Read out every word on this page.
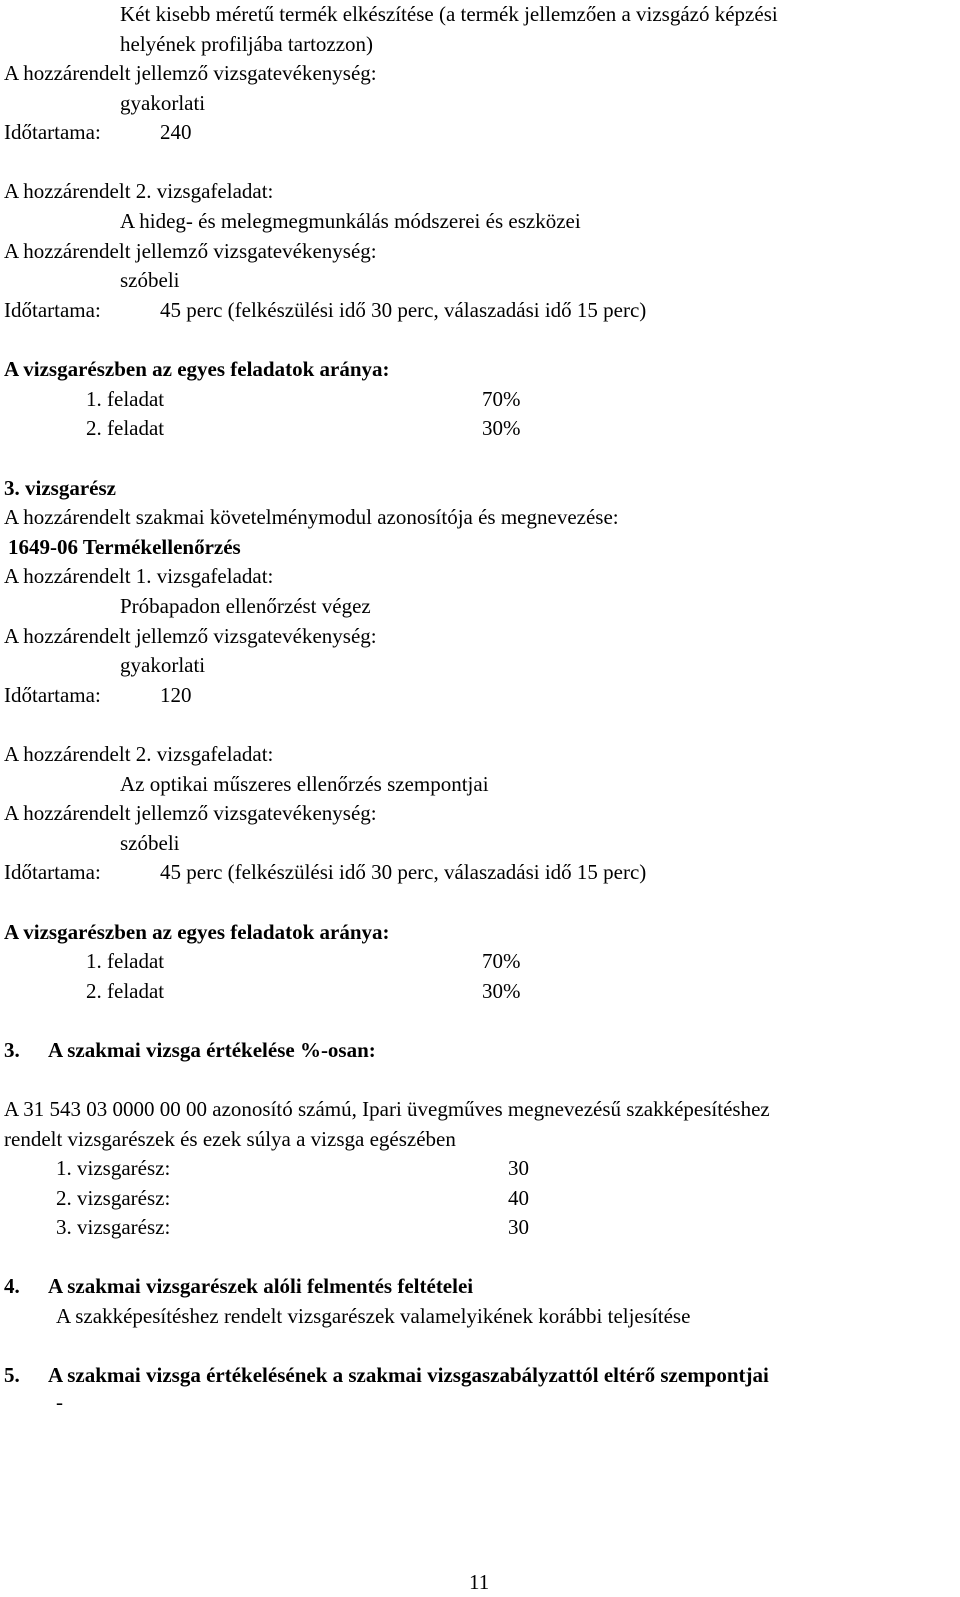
Két kisebb méretű termék elkészítése (a termék jellemzően a vizsgázó képzési
helyének profiljába tartozzon)
A hozzárendelt jellemző vizsgatevékenység:
gyakorlati
Időtartama:	240
A hozzárendelt 2. vizsgafeladat:
A hideg- és melegmegmunkálás módszerei és eszközei
A hozzárendelt jellemző vizsgatevékenység:
szóbeli
Időtartama:	45 perc (felkészülési idő 30 perc, válaszadási idő 15 perc)
A vizsgarészben az egyes feladatok aránya:
1. feladat	70%
2. feladat	30%
3. vizsgarész
A hozzárendelt szakmai követelménymodul azonosítója és megnevezése:
1649-06 Termékellenőrzés
A hozzárendelt 1. vizsgafeladat:
Próbapadon ellenőrzést végez
A hozzárendelt jellemző vizsgatevékenység:
gyakorlati
Időtartama:	120
A hozzárendelt 2. vizsgafeladat:
Az optikai műszeres ellenőrzés szempontjai
A hozzárendelt jellemző vizsgatevékenység:
szóbeli
Időtartama:	45 perc (felkészülési idő 30 perc, válaszadási idő 15 perc)
A vizsgarészben az egyes feladatok aránya:
1. feladat	70%
2. feladat	30%
3. A szakmai vizsga értékelése %-osan:
A 31 543 03 0000 00 00 azonosító számú, Ipari üvegműves megnevezésű szakképesítéshez
rendelt vizsgarészek és ezek súlya a vizsga egészében
1. vizsgarész:	30
2. vizsgarész:	40
3. vizsgarész:	30
4. A szakmai vizsgarészek alóli felmentés feltételei
A szakképesítéshez rendelt vizsgarészek valamelyikének korábbi teljesítése
5. A szakmai vizsga értékelésének a szakmai vizsgaszabályzattól eltérő szempontjai
-
11
